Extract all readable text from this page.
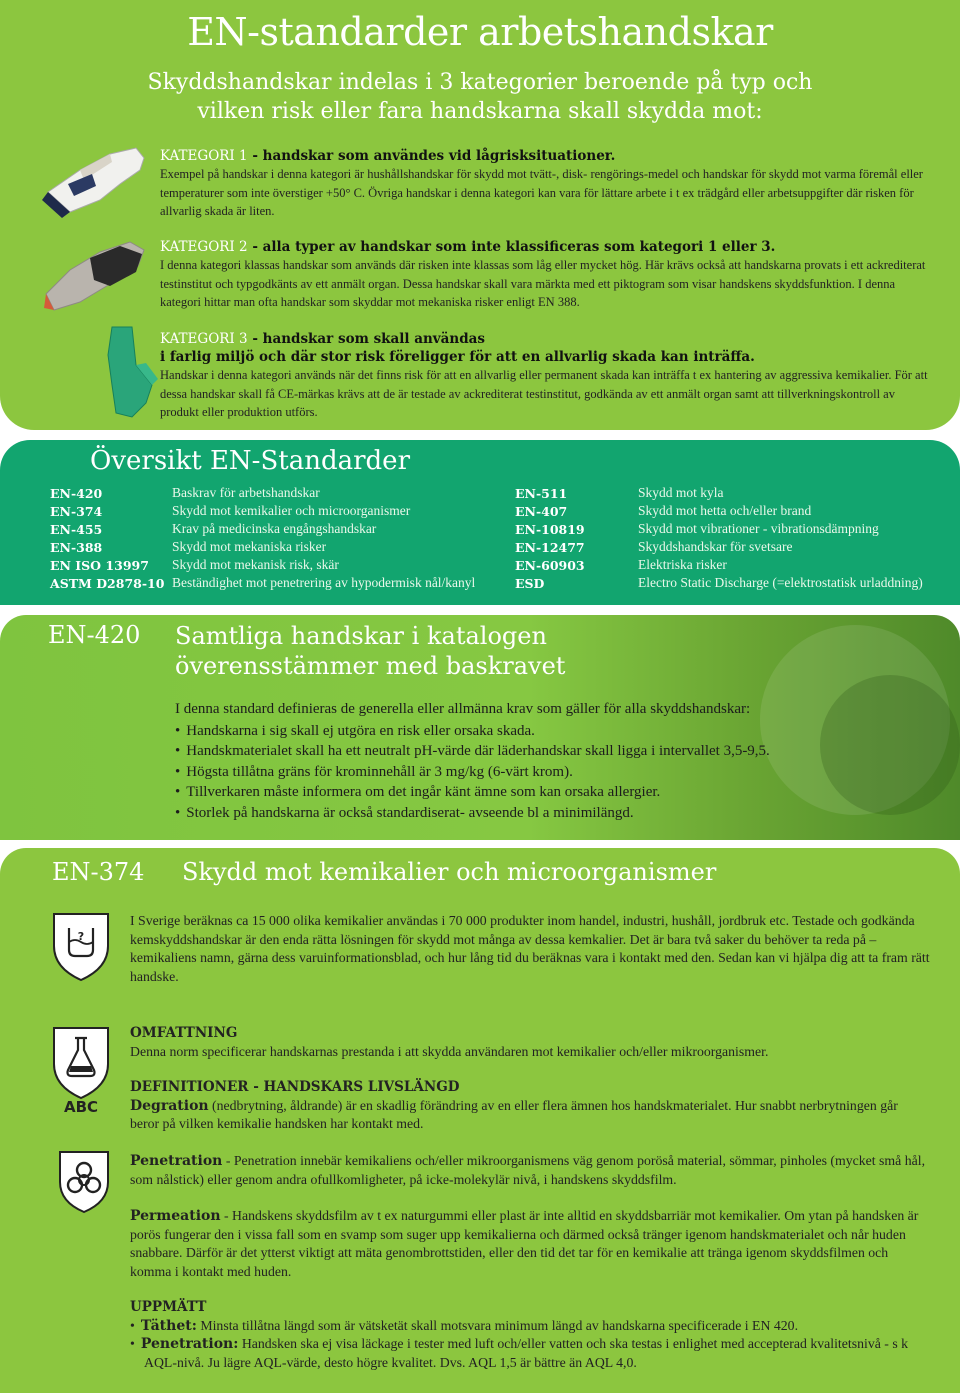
EN-standarder arbetshandskar
Skyddshandskar indelas i 3 kategorier beroende på typ och
vilken risk eller fara handskarna skall skydda mot:
KATEGORI 1 - handskar som användes vid lågrisksituationer.
Exempel på handskar i denna kategori är hushållshandskar för skydd mot tvätt-, disk- rengörings-medel och handskar för skydd mot varma föremål eller temperaturer som inte överstiger +50° C. Övriga handskar i denna kategori kan vara för lättare arbete i t ex trädgård eller arbetsuppgifter där risken för allvarlig skada är liten.
KATEGORI 2 - alla typer av handskar som inte klassificeras som kategori 1 eller 3.
I denna kategori klassas handskar som används där risken inte klassas som låg eller mycket hög. Här krävs också att handskarna provats i ett ackrediterat testinstitut och typgodkänts av ett anmält organ. Dessa handskar skall vara märkta med ett piktogram som visar handskens skyddsfunktion. I denna kategori hittar man ofta handskar som skyddar mot mekaniska risker enligt EN 388.
KATEGORI 3 - handskar som skall användas
i farlig miljö och där stor risk föreligger för att en allvarlig skada kan inträffa.
Handskar i denna kategori används när det finns risk för att en allvarlig eller permanent skada kan inträffa t ex hantering av aggressiva kemikalier. För att dessa handskar skall få CE-märkas krävs att de är testade av ackrediterat testinstitut, godkända av ett anmält organ samt att tillverkningskontroll av produkt eller produktion utförs.
Översikt EN-Standarder
EN-420	Baskrav för arbetshandskar
EN-374	Skydd mot kemikalier och microorganismer
EN-455	Krav på medicinska engångshandskar
EN-388	Skydd mot mekaniska risker
EN ISO 13997 Skydd mot mekanisk risk, skär
ASTM D2878-10 Beständighet mot penetrering av hypodermisk nål/kanyl
EN-511	Skydd mot kyla
EN-407	Skydd mot hetta och/eller brand
EN-10819	Skydd mot vibrationer - vibrationsdämpning
EN-12477	Skyddshandskar för svetsare
EN-60903	Elektriska risker
ESD	Electro Static Discharge (=elektrostatisk urladdning)
EN-420 Samtliga handskar i katalogen
överensstämmer med baskravet
I denna standard definieras de generella eller allmänna krav som gäller för alla skyddshandskar:
• Handskarna i sig skall ej utgöra en risk eller orsaka skada.
• Handskmaterialet skall ha ett neutralt pH-värde där läderhandskar skall ligga i intervallet 3,5-9,5.
• Högsta tillåtna gräns för krominnehåll är 3 mg/kg (6-värt krom).
• Tillverkaren måste informera om det ingår känt ämne som kan orsaka allergier.
• Storlek på handskarna är också standardiserat- avseende bl a minimilängd.
EN-374 Skydd mot kemikalier och microorganismer
?
ABC
I Sverige beräknas ca 15 000 olika kemikalier användas i 70 000 produkter inom handel, industri, hushåll, jordbruk etc. Testade och godkända kemskyddshandskar är den enda rätta lösningen för skydd mot många av dessa kemkalier. Det är bara två saker du behöver ta reda på – kemikaliens namn, gärna dess varuinformationsblad, och hur lång tid du beräknas vara i kontakt med den. Sedan kan vi hjälpa dig att ta fram rätt handske.
OMFATTNING
Denna norm specificerar handskarnas prestanda i att skydda användaren mot kemikalier och/eller mikroorganismer.
DEFINITIONER - HANDSKARS LIVSLÄNGD
Degration (nedbrytning, åldrande) är en skadlig förändring av en eller flera ämnen hos handskmaterialet. Hur snabbt nerbrytningen går beror på vilken kemikalie handsken har kontakt med.
Penetration - Penetration innebär kemikaliens och/eller mikroorganismens väg genom poröså material, sömmar, pinholes (mycket små hål, som nålstick) eller genom andra ofullkomligheter, på icke-molekylär nivå, i handskens skyddsfilm.
Permeation - Handskens skyddsfilm av t ex naturgummi eller plast är inte alltid en skyddsbarriär mot kemikalier. Om ytan på handsken är porös fungerar den i vissa fall som en svamp som suger upp kemikalierna och därmed också tränger igenom handskmaterialet och når huden snabbare. Därför är det ytterst viktigt att mäta genombrottstiden, eller den tid det tar för en kemikalie att tränga igenom skyddsfilmen och komma i kontakt med huden.
UPPMÄTT
• Täthet: Minsta tillåtna längd som är vätsketät skall motsvara minimum längd av handskarna specificerade i EN 420.
• Penetration: Handsken ska ej visa läckage i tester med luft och/eller vatten och ska testas i enlighet med accepterad kvalitetsnivå - s k AQL-nivå. Ju lägre AQL-värde, desto högre kvalitet. Dvs. AQL 1,5 är bättre än AQL 4,0.
